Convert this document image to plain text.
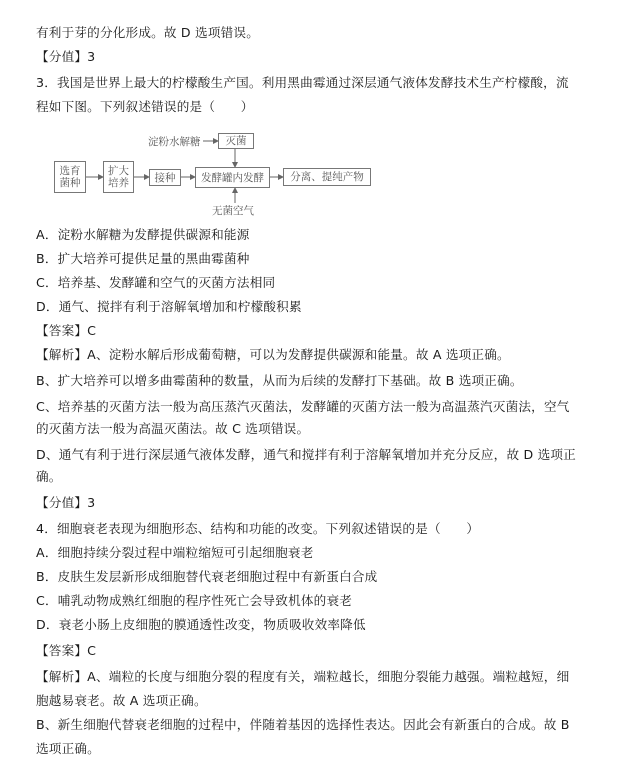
有利于芽的分化形成。故 D 选项错误。
【分值】3
3．我国是世界上最大的柠檬酸生产国。利用黑曲霉通过深层通气液体发酵技术生产柠檬酸，流
程如下图。下列叙述错误的是（　　）
选育
菌种
扩大
培养	接种	发酵罐内发酵	分离、提纯产物
灭菌
淀粉水解糖
无菌空气
A．淀粉水解糖为发酵提供碳源和能源
B．扩大培养可提供足量的黑曲霉菌种
C．培养基、发酵罐和空气的灭菌方法相同
D．通气、搅拌有利于溶解氧增加和柠檬酸积累
【答案】C
【解析】A、淀粉水解后形成葡萄糖，可以为发酵提供碳源和能量。故 A 选项正确。
B、扩大培养可以增多曲霉菌种的数量，从而为后续的发酵打下基础。故 B 选项正确。
C、培养基的灭菌方法一般为高压蒸汽灭菌法，发酵罐的灭菌方法一般为高温蒸汽灭菌法，空气
的灭菌方法一般为高温灭菌法。故 C 选项错误。
D、通气有利于进行深层通气液体发酵，通气和搅拌有利于溶解氧增加并充分反应，故 D 选项正
确。
【分值】3
4．细胞衰老表现为细胞形态、结构和功能的改变。下列叙述错误的是（　　）
A．细胞持续分裂过程中端粒缩短可引起细胞衰老
B．皮肤生发层新形成细胞替代衰老细胞过程中有新蛋白合成
C．哺乳动物成熟红细胞的程序性死亡会导致机体的衰老
D．衰老小肠上皮细胞的膜通透性改变，物质吸收效率降低
【答案】C
【解析】A、端粒的长度与细胞分裂的程度有关，端粒越长，细胞分裂能力越强。端粒越短，细
胞越易衰老。故 A 选项正确。
B、新生细胞代替衰老细胞的过程中，伴随着基因的选择性表达。因此会有新蛋白的合成。故 B
选项正确。
